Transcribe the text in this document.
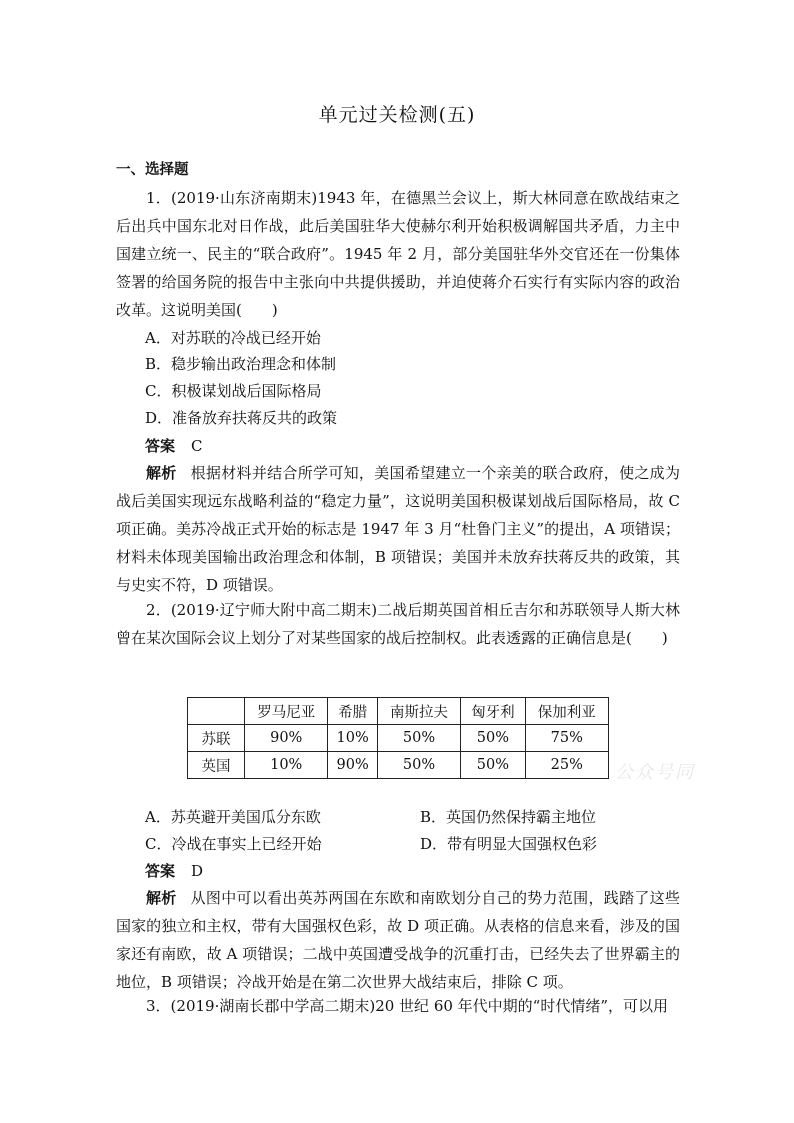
单元过关检测(五)
一、选择题
1．(2019·山东济南期末)1943 年，在德黑兰会议上，斯大林同意在欧战结束之后出兵中国东北对日作战，此后美国驻华大使赫尔利开始积极调解国共矛盾，力主中国建立统一、民主的“联合政府”。1945 年 2 月，部分美国驻华外交官还在一份集体签署的给国务院的报告中主张向中共提供援助，并迫使蒋介石实行有实际内容的政治改革。这说明美国(　　)
A．对苏联的冷战已经开始
B．稳步输出政治理念和体制
C．积极谋划战后国际格局
D．准备放弃扶蒋反共的政策
答案 C
解析 根据材料并结合所学可知，美国希望建立一个亲美的联合政府，使之成为战后美国实现远东战略利益的“稳定力量”，这说明美国积极谋划战后国际格局，故 C 项正确。美苏冷战正式开始的标志是 1947 年 3 月“杜鲁门主义”的提出，A 项错误；材料未体现美国输出政治理念和体制，B 项错误；美国并未放弃扶蒋反共的政策，其与史实不符，D 项错误。
2．(2019·辽宁师大附中高二期末)二战后期英国首相丘吉尔和苏联领导人斯大林曾在某次国际会议上划分了对某些国家的战后控制权。此表透露的正确信息是(　　)
	罗马尼亚	希腊	南斯拉夫	匈牙利	保加利亚
苏联	90%	10%	50%	50%	75%
英国	10%	90%	50%	50%	25% 公众号同
A．苏英避开美国瓜分东欧	B．英国仍然保持霸主地位
C．冷战在事实上已经开始	D．带有明显大国强权色彩
答案 D
解析 从图中可以看出英苏两国在东欧和南欧划分自己的势力范围，践踏了这些国家的独立和主权，带有大国强权色彩，故 D 项正确。从表格的信息来看，涉及的国家还有南欧，故 A 项错误；二战中英国遭受战争的沉重打击，已经失去了世界霸主的地位，B 项错误；冷战开始是在第二次世界大战结束后，排除 C 项。
3．(2019·湖南长郡中学高二期末)20 世纪 60 年代中期的“时代情绪”，可以用
